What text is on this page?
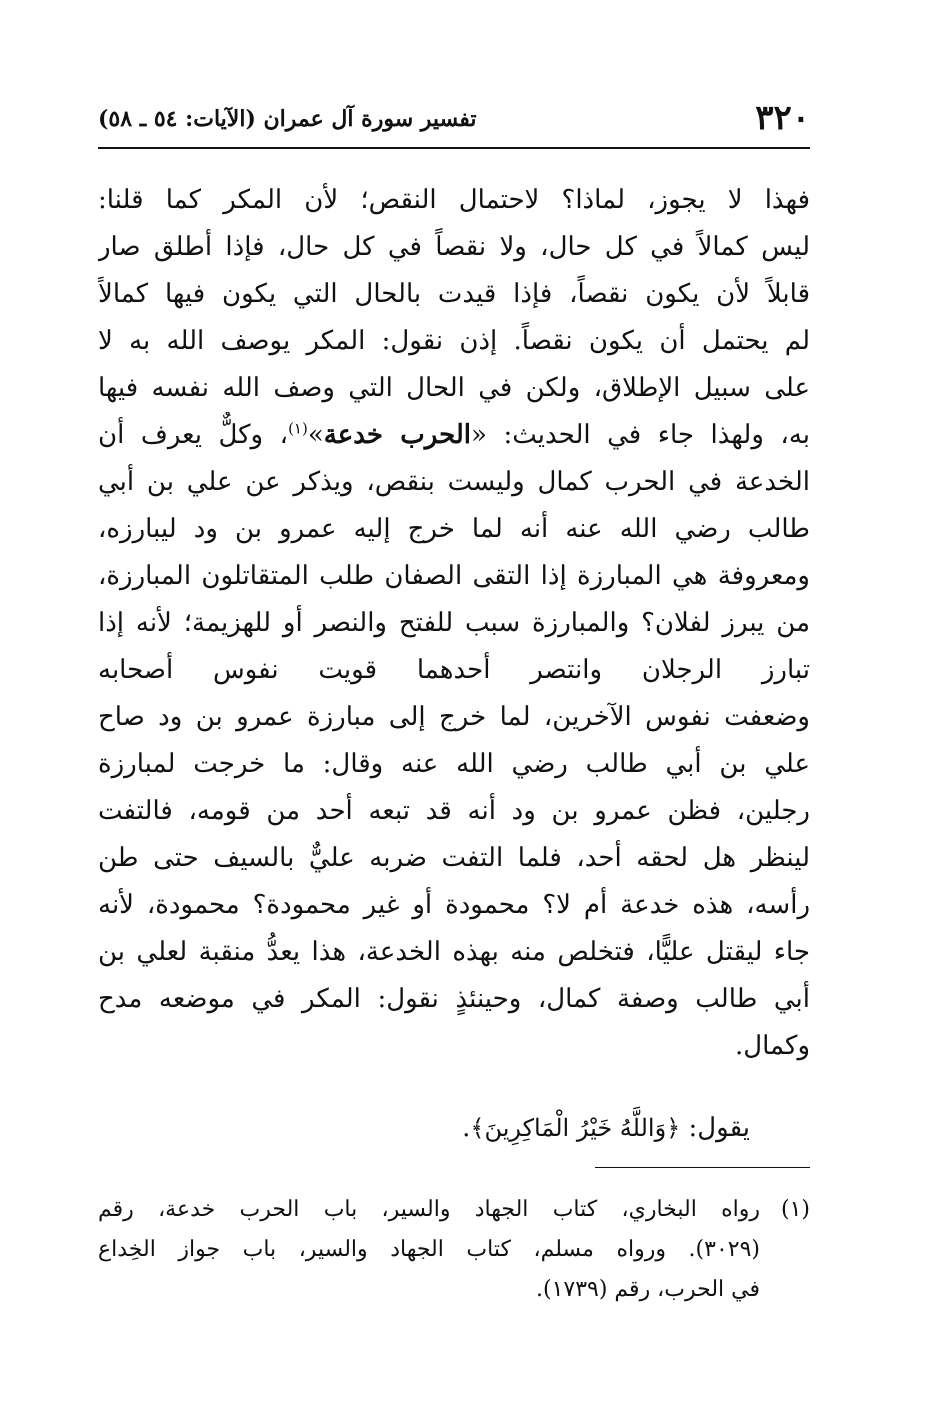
٣٢٠
تفسير سورة آل عمران (الآيات: ٥٤ ـ ٥٨)
فهذا لا يجوز، لماذا؟ لاحتمال النقص؛ لأن المكر كما قلنا:
ليس كمالاً في كل حال، ولا نقصاً في كل حال، فإذا أطلق صار
قابلاً لأن يكون نقصاً، فإذا قيدت بالحال التي يكون فيها كمالاً
لم يحتمل أن يكون نقصاً. إذن نقول: المكر يوصف الله به لا
على سبيل الإطلاق، ولكن في الحال التي وصف الله نفسه فيها
به، ولهذا جاء في الحديث: «الحرب خدعة»$^{(١)}$، وكلٌّ يعرف أن
الخدعة في الحرب كمال وليست بنقص، ويذكر عن علي بن أبي
طالب رضي الله عنه أنه لما خرج إليه عمرو بن ود ليبارزه،
ومعروفة هي المبارزة إذا التقى الصفان طلب المتقاتلون المبارزة،
من يبرز لفلان؟ والمبارزة سبب للفتح والنصر أو للهزيمة؛ لأنه إذا
تبارز الرجلان وانتصر أحدهما قويت نفوس أصحابه
وضعفت نفوس الآخرين، لما خرج إلى مبارزة عمرو بن ود صاح
علي بن أبي طالب رضي الله عنه وقال: ما خرجت لمبارزة
رجلين، فظن عمرو بن ود أنه قد تبعه أحد من قومه، فالتفت
لينظر هل لحقه أحد، فلما التفت ضربه عليٌّ بالسيف حتى طن
رأسه، هذه خدعة أم لا؟ محمودة أو غير محمودة؟ محمودة، لأنه
جاء ليقتل عليًّا، فتخلص منه بهذه الخدعة، هذا يعدُّ منقبة لعلي بن
أبي طالب وصفة كمال، وحينئذٍ نقول: المكر في موضعه مدح
وكمال.
يقول: ﴿وَاللَّهُ خَيْرُ الْمَاكِرِينَ﴾.
(١)رواه البخاري، كتاب الجهاد والسير، باب الحرب خدعة، رقم
(٣٠٢٩). ورواه مسلم، كتاب الجهاد والسير، باب جواز الخِداع
في الحرب، رقم (١٧٣٩).
